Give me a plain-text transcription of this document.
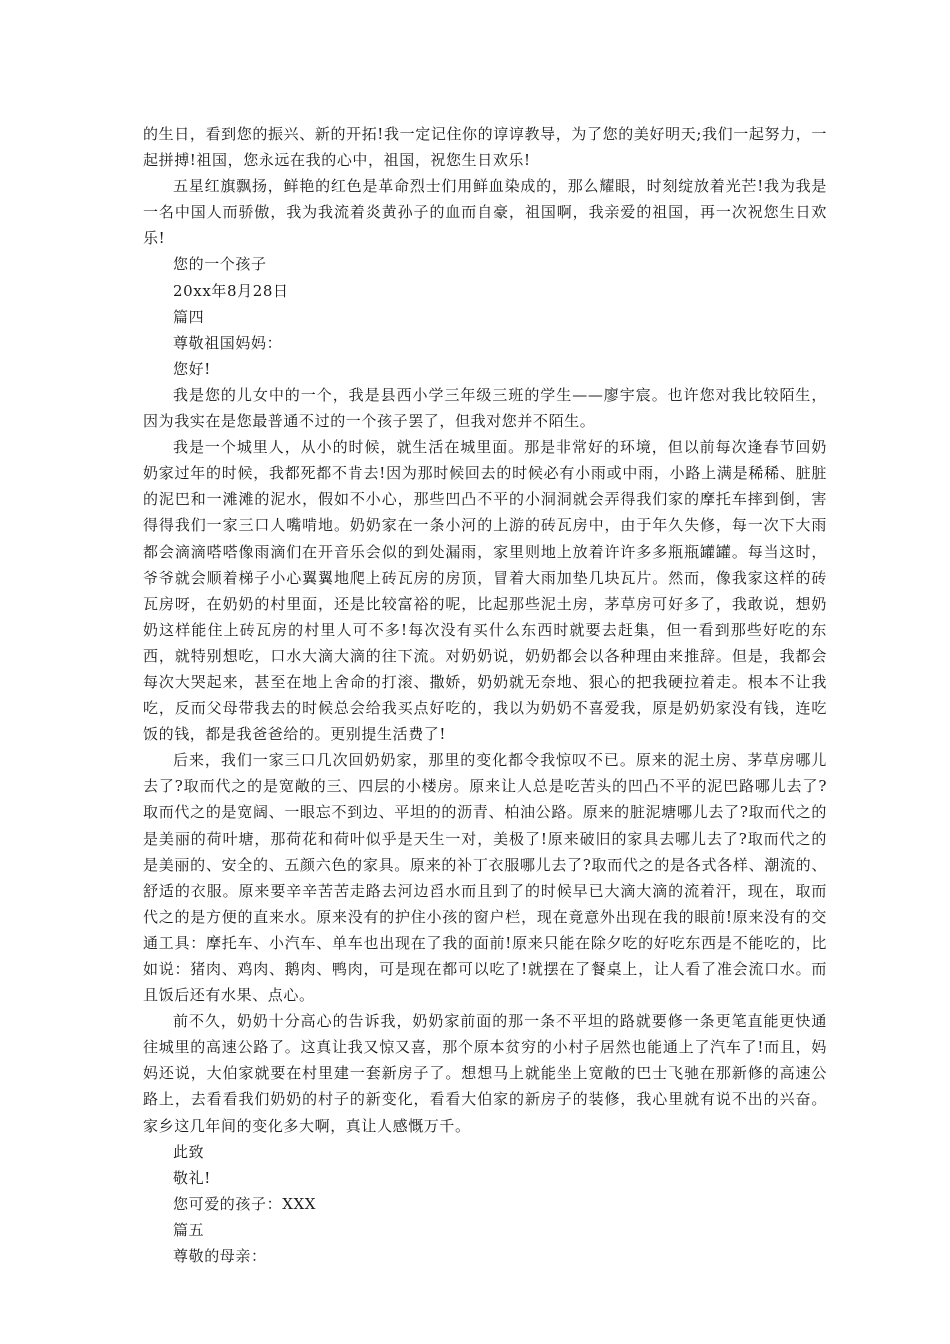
的生日，看到您的振兴、新的开拓!我一定记住你的谆谆教导，为了您的美好明天;我们一起努力，一起拼搏!祖国，您永远在我的心中，祖国，祝您生日欢乐!

五星红旗飘扬，鲜艳的红色是革命烈士们用鲜血染成的，那么耀眼，时刻绽放着光芒!我为我是一名中国人而骄傲，我为我流着炎黄孙子的血而自豪，祖国啊，我亲爱的祖国，再一次祝您生日欢乐!

您的一个孩子

20xx年8月28日

篇四

尊敬祖国妈妈：

您好!

我是您的儿女中的一个，我是县西小学三年级三班的学生——廖宇宸。也许您对我比较陌生，因为我实在是您最普通不过的一个孩子罢了，但我对您并不陌生。

我是一个城里人，从小的时候，就生活在城里面。那是非常好的环境，但以前每次逢春节回奶奶家过年的时候，我都死都不肯去!因为那时候回去的时候必有小雨或中雨，小路上满是稀稀、脏脏的泥巴和一滩滩的泥水，假如不小心，那些凹凸不平的小洞洞就会弄得我们家的摩托车摔到倒，害得得我们一家三口人嘴啃地。奶奶家在一条小河的上游的砖瓦房中，由于年久失修，每一次下大雨都会滴滴嗒嗒像雨滴们在开音乐会似的到处漏雨，家里则地上放着许许多多瓶瓶罐罐。每当这时，爷爷就会顺着梯子小心翼翼地爬上砖瓦房的房顶，冒着大雨加垫几块瓦片。然而，像我家这样的砖瓦房呀，在奶奶的村里面，还是比较富裕的呢，比起那些泥土房，茅草房可好多了，我敢说，想奶奶这样能住上砖瓦房的村里人可不多!每次没有买什么东西时就要去赶集，但一看到那些好吃的东西，就特别想吃，口水大滴大滴的往下流。对奶奶说，奶奶都会以各种理由来推辞。但是，我都会每次大哭起来，甚至在地上舍命的打滚、撒娇，奶奶就无奈地、狠心的把我硬拉着走。根本不让我吃，反而父母带我去的时候总会给我买点好吃的，我以为奶奶不喜爱我，原是奶奶家没有钱，连吃饭的钱，都是我爸爸给的。更别提生活费了!

后来，我们一家三口几次回奶奶家，那里的变化都令我惊叹不已。原来的泥土房、茅草房哪儿去了?取而代之的是宽敞的三、四层的小楼房。原来让人总是吃苦头的凹凸不平的泥巴路哪儿去了?取而代之的是宽阔、一眼忘不到边、平坦的的沥青、柏油公路。原来的脏泥塘哪儿去了?取而代之的是美丽的荷叶塘，那荷花和荷叶似乎是天生一对，美极了!原来破旧的家具去哪儿去了?取而代之的是美丽的、安全的、五颜六色的家具。原来的补丁衣服哪儿去了?取而代之的是各式各样、潮流的、舒适的衣服。原来要辛辛苦苦走路去河边舀水而且到了的时候早已大滴大滴的流着汗，现在，取而代之的是方便的直来水。原来没有的护住小孩的窗户栏，现在竟意外出现在我的眼前!原来没有的交通工具：摩托车、小汽车、单车也出现在了我的面前!原来只能在除夕吃的好吃东西是不能吃的，比如说：猪肉、鸡肉、鹅肉、鸭肉，可是现在都可以吃了!就摆在了餐桌上，让人看了准会流口水。而且饭后还有水果、点心。

前不久，奶奶十分高心的告诉我，奶奶家前面的那一条不平坦的路就要修一条更笔直能更快通往城里的高速公路了。这真让我又惊又喜，那个原本贫穷的小村子居然也能通上了汽车了!而且，妈妈还说，大伯家就要在村里建一套新房子了。想想马上就能坐上宽敞的巴士飞驰在那新修的高速公路上，去看看我们奶奶的村子的新变化，看看大伯家的新房子的装修，我心里就有说不出的兴奋。家乡这几年间的变化多大啊，真让人感慨万千。

此致

敬礼!

您可爱的孩子：XXX

篇五

尊敬的母亲：
